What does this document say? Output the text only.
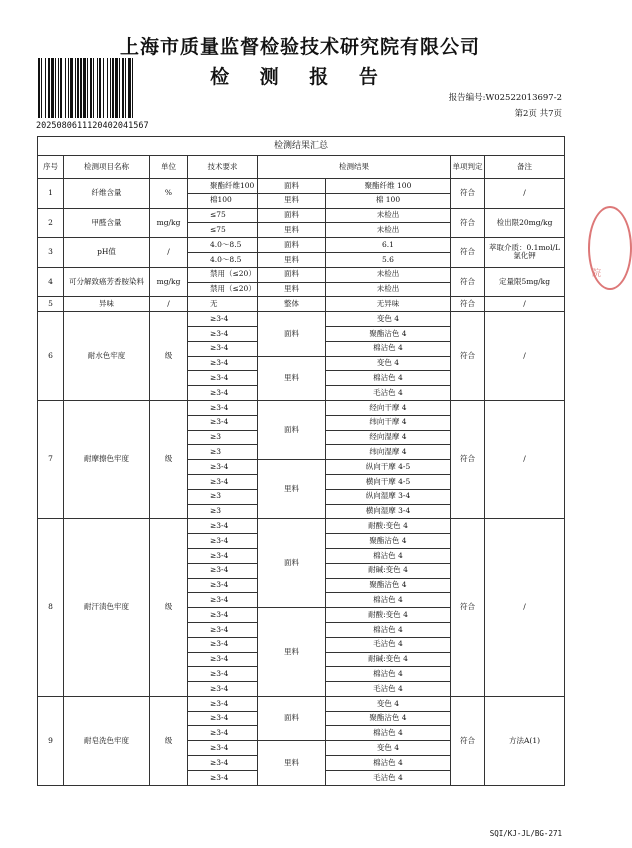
上海市质量监督检验技术研究院有限公司
检 测 报 告
20250806111204020415​67
报告编号:W02522013697-2
第2页 共7页
检测结果汇总							
序号	检测项目名称	单位	技术要求	检测结果		单项判定	备注
1	纤维含量	%	聚酯纤维100	面料	聚酯纤维 100	符合	/
			棉100	里料	棉 100		
2	甲醛含量	mg/kg	≤75	面料	未检出	符合	检出限20mg/kg
			≤75	里料	未检出		
3	pH值	/	4.0～8.5	面料	6.1	符合	萃取介质：0.1mol/L氯化钾
			4.0～8.5	里料	5.6		
4	可分解致癌芳香胺染料	mg/kg	禁用（≤20）	面料	未检出	符合	定量限5mg/kg
			禁用（≤20）	里料	未检出		
5	异味	/	无	整体	无异味	符合	/
6	耐水色牢度	级	≥3-4	面料	变色 4	符合	/
			≥3-4		聚酯沾色 4		
			≥3-4		棉沾色 4		
			≥3-4	里料	变色 4		
			≥3-4		棉沾色 4		
			≥3-4		毛沾色 4		
7	耐摩擦色牢度	级	≥3-4	面料	经向干摩 4	符合	/
			≥3-4		纬向干摩 4		
			≥3		经向湿摩 4		
			≥3		纬向湿摩 4		
			≥3-4	里料	纵向干摩 4-5		
			≥3-4		横向干摩 4-5		
			≥3		纵向湿摩 3-4		
			≥3		横向湿摩 3-4		
8	耐汗渍色牢度	级	≥3-4	面料	耐酸:变色 4	符合	/
			≥3-4		聚酯沾色 4		
			≥3-4		棉沾色 4		
			≥3-4		耐碱:变色 4		
			≥3-4		聚酯沾色 4		
			≥3-4		棉沾色 4		
			≥3-4	里料	耐酸:变色 4		
			≥3-4		棉沾色 4		
			≥3-4		毛沾色 4		
			≥3-4		耐碱:变色 4		
			≥3-4		棉沾色 4		
			≥3-4		毛沾色 4		
9	耐皂洗色牢度	级	≥3-4	面料	变色 4	符合	方法A(1)
			≥3-4		聚酯沾色 4		
			≥3-4		棉沾色 4		
			≥3-4	里料	变色 4		
			≥3-4		棉沾色 4		
			≥3-4		毛沾色 4		
院
SQI/KJ-JL/BG-271
